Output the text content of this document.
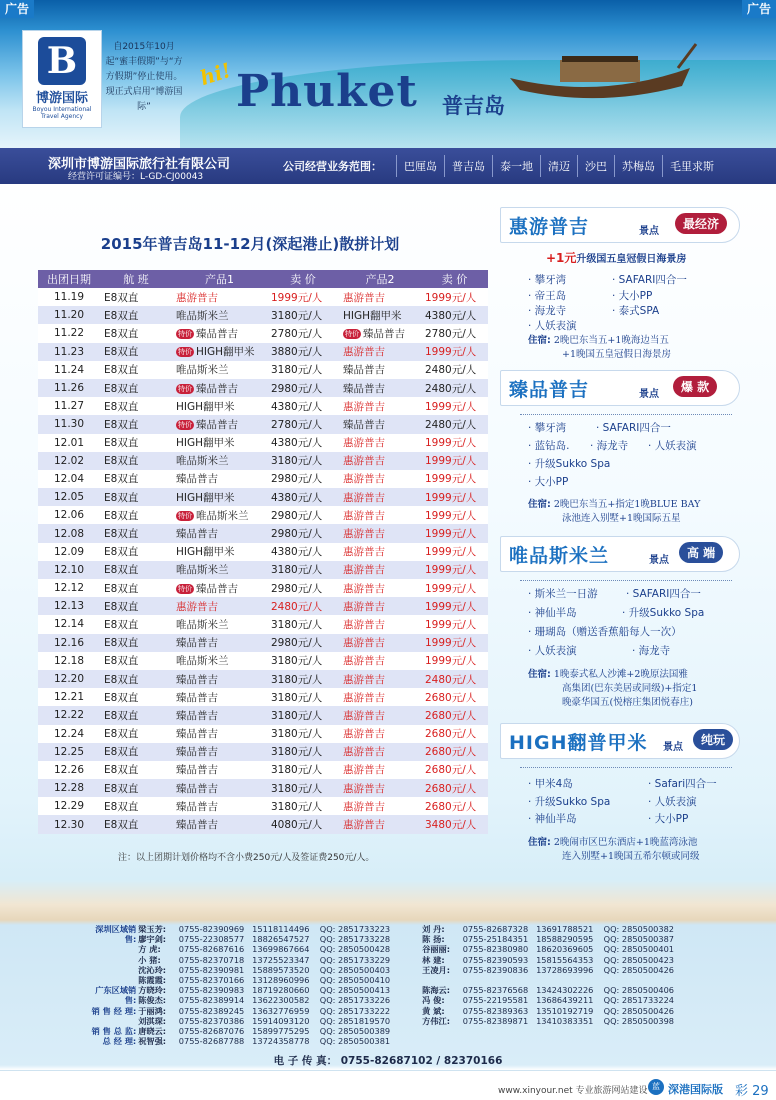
广告	广告
B
博游国际
Boyou International
Travel Agency
自2015年10月起“蜜丰假期”与“方方假期”停止使用。现正式启用“博游国际”
hi! Phuket 普吉岛
深圳市博游国际旅行社有限公司
经营许可证编号：L-GD-CJ00043
公司经营业务范围：	巴厘岛	普吉岛	泰一地	清迈	沙巴	苏梅岛	毛里求斯
2015年普吉岛11-12月(深起港止)散拼计划
出团日期	航 班	产品1	卖 价	产品2	卖 价
11.19	E8双直	惠游普吉	1999元/人	惠游普吉	1999元/人
11.20	E8双直	唯品斯米兰	3180元/人	HIGH翻甲米	4380元/人
11.22	E8双直	特价 臻品普吉	2780元/人	特价 臻品普吉	2780元/人
11.23	E8双直	特价 HIGH翻甲米	3880元/人	惠游普吉	1999元/人
11.24	E8双直	唯品斯米兰	3180元/人	臻品普吉	2480元/人
11.26	E8双直	特价 臻品普吉	2980元/人	臻品普吉	2480元/人
11.27	E8双直	HIGH翻甲米	4380元/人	惠游普吉	1999元/人
11.30	E8双直	特价 臻品普吉	2780元/人	臻品普吉	2480元/人
12.01	E8双直	HIGH翻甲米	4380元/人	惠游普吉	1999元/人
12.02	E8双直	唯品斯米兰	3180元/人	惠游普吉	1999元/人
12.04	E8双直	臻品普吉	2980元/人	惠游普吉	1999元/人
12.05	E8双直	HIGH翻甲米	4380元/人	惠游普吉	1999元/人
12.06	E8双直	特价 唯品斯米兰	2980元/人	惠游普吉	1999元/人
12.08	E8双直	臻品普吉	2980元/人	惠游普吉	1999元/人
12.09	E8双直	HIGH翻甲米	4380元/人	惠游普吉	1999元/人
12.10	E8双直	唯品斯米兰	3180元/人	惠游普吉	1999元/人
12.12	E8双直	特价 臻品普吉	2980元/人	惠游普吉	1999元/人
12.13	E8双直	惠游普吉	2480元/人	惠游普吉	1999元/人
12.14	E8双直	唯品斯米兰	3180元/人	惠游普吉	1999元/人
12.16	E8双直	臻品普吉	2980元/人	惠游普吉	1999元/人
12.18	E8双直	唯品斯米兰	3180元/人	惠游普吉	1999元/人
12.20	E8双直	臻品普吉	3180元/人	惠游普吉	2480元/人
12.21	E8双直	臻品普吉	3180元/人	惠游普吉	2680元/人
12.22	E8双直	臻品普吉	3180元/人	惠游普吉	2680元/人
12.24	E8双直	臻品普吉	3180元/人	惠游普吉	2680元/人
12.25	E8双直	臻品普吉	3180元/人	惠游普吉	2680元/人
12.26	E8双直	臻品普吉	3180元/人	惠游普吉	2680元/人
12.28	E8双直	臻品普吉	3180元/人	惠游普吉	2680元/人
12.29	E8双直	臻品普吉	3180元/人	惠游普吉	2680元/人
12.30	E8双直	臻品普吉	4080元/人	惠游普吉	3480元/人
注：以上团期计划价格均不含小费250元/人及签证费250元/人。
惠游普吉	景点
最经济
+1元升级国五皇冠假日海景房
· 攀牙湾	· SAFARI四合一
· 帝王岛	· 大小PP
· 海龙寺	· 泰式SPA
· 人妖表演
住宿: 2晚巴东当五+1晚海边当五
+1晚国五皇冠假日海景房
臻品普吉	景点
爆 款
· 攀牙湾	· SAFARI四合一
· 蓝钻岛. · 海龙寺 · 人妖表演
· 升级Sukko Spa
· 大小PP
住宿: 2晚巴东当五+指定1晚BLUE BAY
泳池连入别墅+1晚国际五星
唯品斯米兰	景点
高 端
· 斯米兰一日游	· SAFARI四合一
· 神仙半岛	· 升级Sukko Spa
· 珊瑚岛（赠送香蕉船每人一次）
· 人妖表演	· 海龙寺
住宿: 1晚泰式私人沙滩+2晚原法国雅
高集团(巴东美居或同级)+指定1
晚豪华国五(悦榕庄集团悦春庄)
HIGH翻普甲米 景点
纯玩
· 甲米4岛	· Safari四合一
· 升级Sukko Spa	· 人妖表演
· 神仙半岛	· 大小PP
住宿: 2晚闹市区巴东酒店+1晚蓝湾泳池
连入别墅+1晚国五希尔顿或同级
深圳区域销售:
梁玉芳:	0755-82390969 15118114496	QQ: 2851733223	刘 丹:	0755-82687328 13691788521	QQ: 2850500382
廖宇剑:	0755-22308577 18826547527	QQ: 2851733228	陈 扬:	0755-25184351 18588290595	QQ: 2850500387
方 虎:	0755-82687616 13699867664	QQ: 2850500428	谷丽丽:	0755-82380980 18620369605	QQ: 2850500401
小 猪:	0755-82370718 13725523347	QQ: 2851733229	林 建:	0755-82390593 15815564353	QQ: 2850500423
沈沁玲:	0755-82390981 15889573520	QQ: 2850500403	王凌月:	0755-82390836 13728693996	QQ: 2850500426
陈霞霞:	0755-82370166 13128960996	QQ: 2850500410
广东区域销售:
方晓玲:	0755-82390983 18719280660	QQ: 2850500413	陈海云:	0755-82376568 13424302226	QQ: 2850500406
陈俊杰:	0755-82389914 13622300582	QQ: 2851733226	冯 俊:	0755-22195581 13686439211	QQ: 2851733224
销 售 经 理: 于丽鸿:	0755-82389245 13632776959	QQ: 2851733222	黄 斌:	0755-82389363 13510192719	QQ: 2850500426
刘淇琛:	0755-82370386 15914093120	QQ: 2851819570	方伟江:	0755-82389871 13410383351	QQ: 2850500398
销 售 总 监: 唐晓云:	0755-82687076 15899775295	QQ: 2850500389
总 经 理: 祝智强:	0755-82687788 13724358778	QQ: 2850500381
电 子 传 真： 0755-82687102 / 82370166
www.xinyour.net 专业旅游网站建设 蓝 深港国际版 彩 29
